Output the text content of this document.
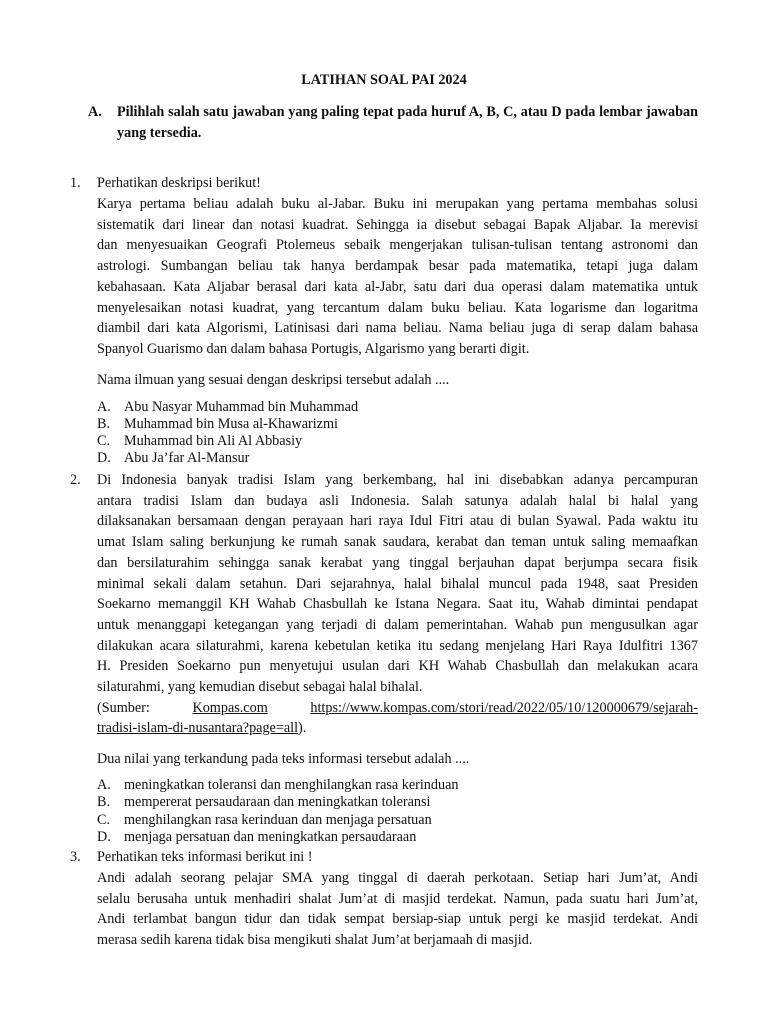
LATIHAN SOAL PAI 2024
A.	Pilihlah salah satu jawaban yang paling tepat pada huruf A, B, C, atau D pada lembar jawaban yang tersedia.
1. Perhatikan deskripsi berikut!
Karya pertama beliau adalah buku al-Jabar. Buku ini merupakan yang pertama membahas solusi
sistematik dari linear dan notasi kuadrat. Sehingga ia disebut sebagai Bapak Aljabar. Ia merevisi
dan menyesuaikan Geografi Ptolemeus sebaik mengerjakan tulisan-tulisan tentang astronomi dan
astrologi. Sumbangan beliau tak hanya berdampak besar pada matematika, tetapi juga dalam
kebahasaan. Kata Aljabar berasal dari kata al-Jabr, satu dari dua operasi dalam matematika untuk
menyelesaikan notasi kuadrat, yang tercantum dalam buku beliau. Kata logarisme dan logaritma
diambil dari kata Algorismi, Latinisasi dari nama beliau. Nama beliau juga di serap dalam bahasa
Spanyol Guarismo dan dalam bahasa Portugis, Algarismo yang berarti digit.
Nama ilmuan yang sesuai dengan deskripsi tersebut adalah ....
A. Abu Nasyar Muhammad bin Muhammad
B. Muhammad bin Musa al-Khawarizmi
C. Muhammad bin Ali Al Abbasiy
D. Abu Ja’far Al-Mansur
2. Di Indonesia banyak tradisi Islam yang berkembang, hal ini disebabkan adanya percampuran
antara tradisi Islam dan budaya asli Indonesia. Salah satunya adalah halal bi halal yang
dilaksanakan bersamaan dengan perayaan hari raya Idul Fitri atau di bulan Syawal. Pada waktu itu
umat Islam saling berkunjung ke rumah sanak saudara, kerabat dan teman untuk saling memaafkan
dan bersilaturahim sehingga sanak kerabat yang tinggal berjauhan dapat berjumpa secara fisik
minimal sekali dalam setahun. Dari sejarahnya, halal bihalal muncul pada 1948, saat Presiden
Soekarno memanggil KH Wahab Chasbullah ke Istana Negara. Saat itu, Wahab dimintai pendapat
untuk menanggapi ketegangan yang terjadi di dalam pemerintahan. Wahab pun mengusulkan agar
dilakukan acara silaturahmi, karena kebetulan ketika itu sedang menjelang Hari Raya Idulfitri 1367
H. Presiden Soekarno pun menyetujui usulan dari KH Wahab Chasbullah dan melakukan acara
silaturahmi, yang kemudian disebut sebagai halal bihalal.
(Sumber:	Kompas.com	https://www.kompas.com/stori/read/2022/05/10/120000679/sejarah-
tradisi-islam-di-nusantara?page=all).
Dua nilai yang terkandung pada teks informasi tersebut adalah ....
A. meningkatkan toleransi dan menghilangkan rasa kerinduan
B. mempererat persaudaraan dan meningkatkan toleransi
C. menghilangkan rasa kerinduan dan menjaga persatuan
D. menjaga persatuan dan meningkatkan persaudaraan
3. Perhatikan teks informasi berikut ini !
Andi adalah seorang pelajar SMA yang tinggal di daerah perkotaan. Setiap hari Jum’at, Andi
selalu berusaha untuk menhadiri shalat Jum’at di masjid terdekat. Namun, pada suatu hari Jum’at,
Andi terlambat bangun tidur dan tidak sempat bersiap-siap untuk pergi ke masjid terdekat. Andi
merasa sedih karena tidak bisa mengikuti shalat Jum’at berjamaah di masjid.
